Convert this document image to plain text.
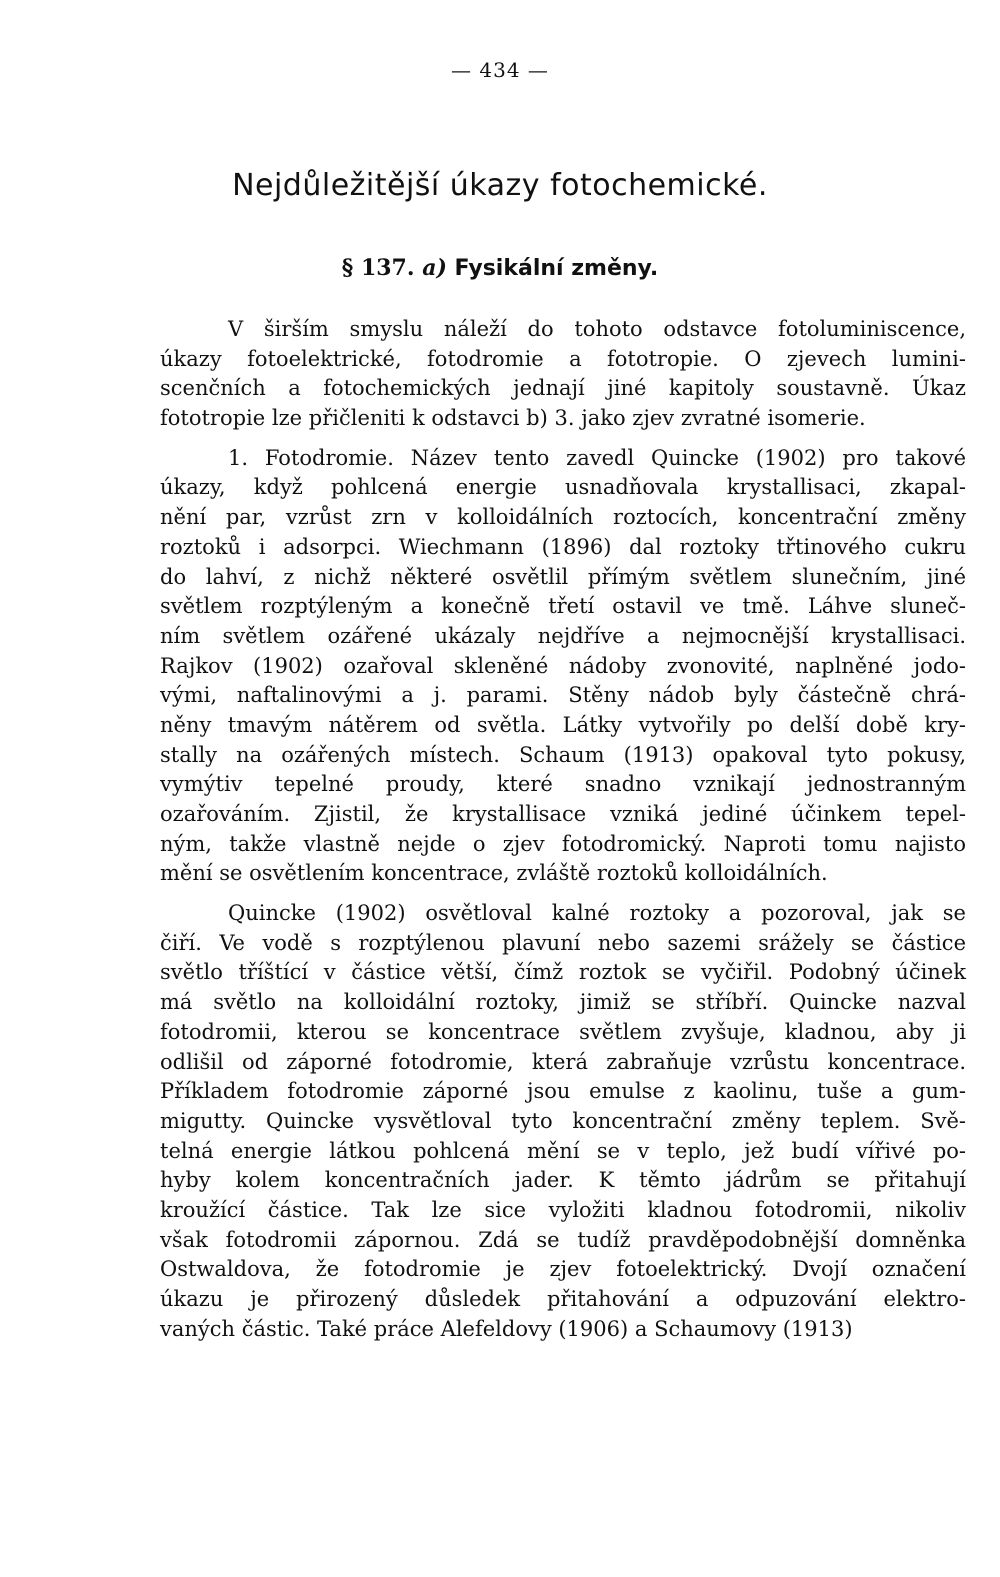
— 434 —
Nejdůležitější úkazy fotochemické.
§ 137. a) Fysikální změny.
V širším smyslu náleží do tohoto odstavce fotoluminiscence,
úkazy fotoelektrické, fotodromie a fototropie. O zjevech lumini-
scenčních a fotochemických jednají jiné kapitoly soustavně. Úkaz
fototropie lze přičleniti k odstavci b) 3. jako zjev zvratné isomerie.
1. Fotodromie. Název tento zavedl Quincke (1902) pro takové
úkazy, když pohlcená energie usnadňovala krystallisaci, zkapal-
nění par, vzrůst zrn v kolloidálních roztocích, koncentrační změny
roztoků i adsorpci. Wiechmann (1896) dal roztoky třtinového cukru
do lahví, z nichž některé osvětlil přímým světlem slunečním, jiné
světlem rozptýleným a konečně třetí ostavil ve tmě. Láhve sluneč-
ním světlem ozářené ukázaly nejdříve a nejmocnější krystallisaci.
Rajkov (1902) ozařoval skleněné nádoby zvonovité, naplněné jodo-
vými, naftalinovými a j. parami. Stěny nádob byly částečně chrá-
něny tmavým nátěrem od světla. Látky vytvořily po delší době kry-
stally na ozářených místech. Schaum (1913) opakoval tyto pokusy,
vymýtiv tepelné proudy, které snadno vznikají jednostranným
ozařováním. Zjistil, že krystallisace vzniká jediné účinkem tepel-
ným, takže vlastně nejde o zjev fotodromický. Naproti tomu najisto
mění se osvětlením koncentrace, zvláště roztoků kolloidálních.
Quincke (1902) osvětloval kalné roztoky a pozoroval, jak se
čiří. Ve vodě s rozptýlenou plavuní nebo sazemi srážely se částice
světlo tříštící v částice větší, čímž roztok se vyčiřil. Podobný účinek
má světlo na kolloidální roztoky, jimiž se stříbří. Quincke nazval
fotodromii, kterou se koncentrace světlem zvyšuje, kladnou, aby ji
odlišil od záporné fotodromie, která zabraňuje vzrůstu koncentrace.
Příkladem fotodromie záporné jsou emulse z kaolinu, tuše a gum-
migutty. Quincke vysvětloval tyto koncentrační změny teplem. Svě-
telná energie látkou pohlcená mění se v teplo, jež budí vířivé po-
hyby kolem koncentračních jader. K těmto jádrům se přitahují
kroužící částice. Tak lze sice vyložiti kladnou fotodromii, nikoliv
však fotodromii zápornou. Zdá se tudíž pravděpodobnější domněnka
Ostwaldova, že fotodromie je zjev fotoelektrický. Dvojí označení
úkazu je přirozený důsledek přitahování a odpuzování elektro-
vaných částic. Také práce Alefeldovy (1906) a Schaumovy (1913)
